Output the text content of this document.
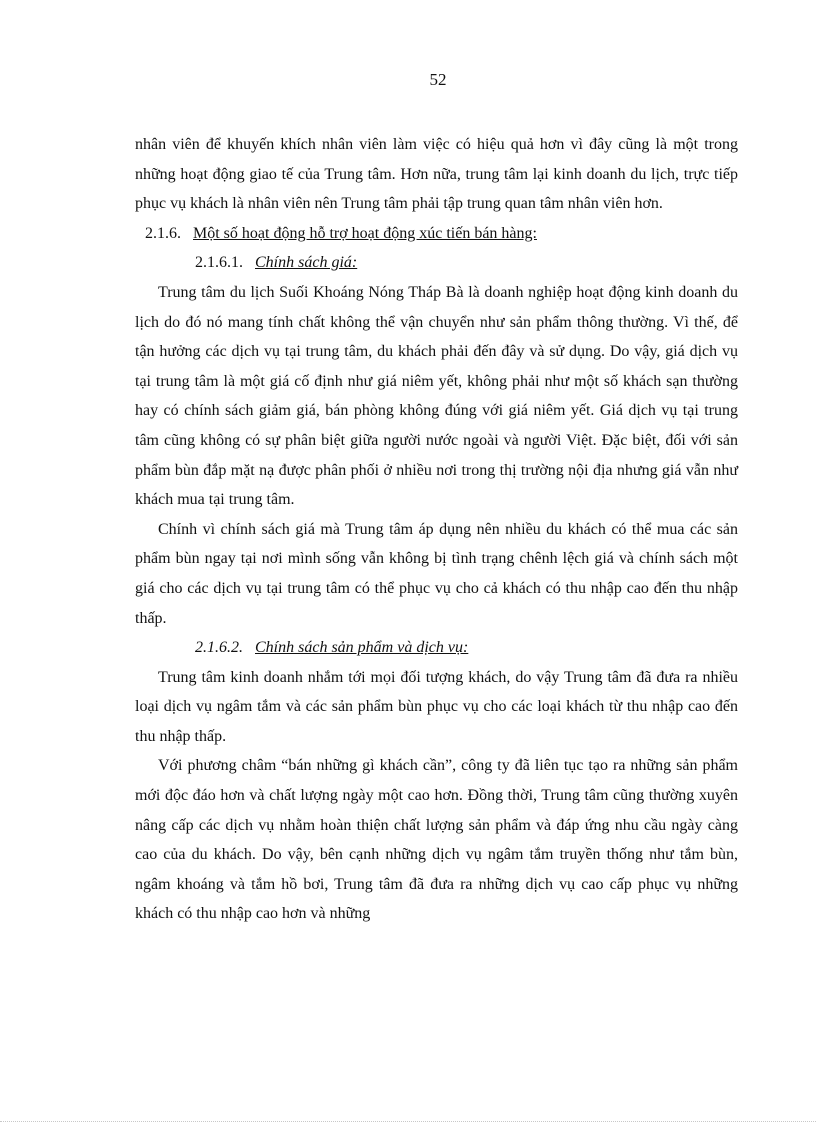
52

nhân viên để khuyến khích nhân viên làm việc có hiệu quả hơn vì đây cũng là một trong những hoạt động giao tế của Trung tâm. Hơn nữa, trung tâm lại kinh doanh du lịch, trực tiếp phục vụ khách là nhân viên nên Trung tâm phải tập trung quan tâm nhân viên hơn.

2.1.6. Một số hoạt động hỗ trợ hoạt động xúc tiến bán hàng:

2.1.6.1. Chính sách giá:

Trung tâm du lịch Suối Khoáng Nóng Tháp Bà là doanh nghiệp hoạt động kinh doanh du lịch do đó nó mang tính chất không thể vận chuyển như sản phẩm thông thường. Vì thế, để tận hưởng các dịch vụ tại trung tâm, du khách phải đến đây và sử dụng. Do vậy, giá dịch vụ tại trung tâm là một giá cố định như giá niêm yết, không phải như một số khách sạn thường hay có chính sách giảm giá, bán phòng không đúng với giá niêm yết. Giá dịch vụ tại trung tâm cũng không có sự phân biệt giữa người nước ngoài và người Việt. Đặc biệt, đối với sản phẩm bùn đắp mặt nạ được phân phối ở nhiều nơi trong thị trường nội địa nhưng giá vẫn như khách mua tại trung tâm.

Chính vì chính sách giá mà Trung tâm áp dụng nên nhiều du khách có thể mua các sản phẩm bùn ngay tại nơi mình sống vẫn không bị tình trạng chênh lệch giá và chính sách một giá cho các dịch vụ tại trung tâm có thể phục vụ cho cả khách có thu nhập cao đến thu nhập thấp.

2.1.6.2. Chính sách sản phẩm và dịch vụ:

Trung tâm kinh doanh nhắm tới mọi đối tượng khách, do vậy Trung tâm đã đưa ra nhiều loại dịch vụ ngâm tắm và các sản phẩm bùn phục vụ cho các loại khách từ thu nhập cao đến thu nhập thấp.

Với phương châm “bán những gì khách cần”, công ty đã liên tục tạo ra những sản phẩm mới độc đáo hơn và chất lượng ngày một cao hơn. Đồng thời, Trung tâm cũng thường xuyên nâng cấp các dịch vụ nhằm hoàn thiện chất lượng sản phẩm và đáp ứng nhu cầu ngày càng cao của du khách. Do vậy, bên cạnh những dịch vụ ngâm tắm truyền thống như tắm bùn, ngâm khoáng và tắm hồ bơi, Trung tâm đã đưa ra những dịch vụ cao cấp phục vụ những khách có thu nhập cao hơn và những
